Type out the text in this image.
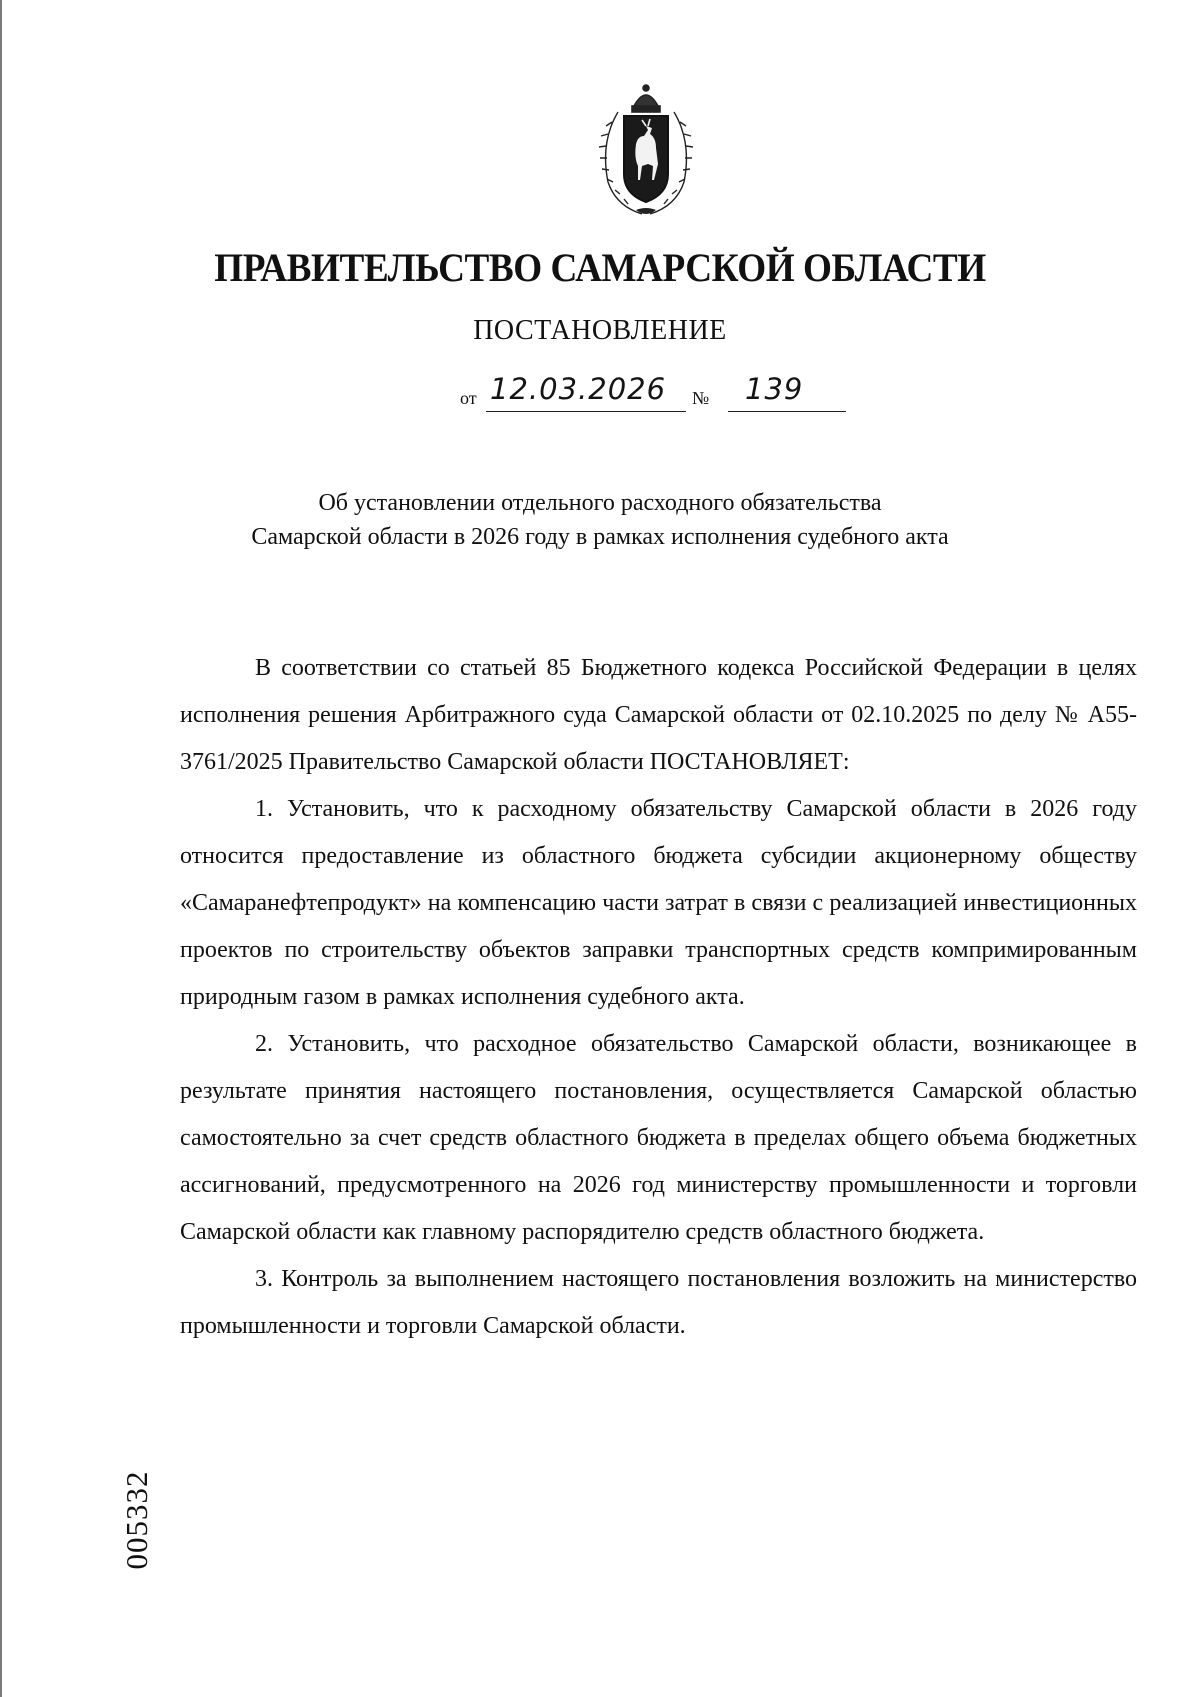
ПРАВИТЕЛЬСТВО САМАРСКОЙ ОБЛАСТИ
ПОСТАНОВЛЕНИЕ
от 12.03.2026 № 139
Об установлении отдельного расходного обязательства
Самарской области в 2026 году в рамках исполнения судебного акта

В соответствии со статьей 85 Бюджетного кодекса Российской Федерации в целях исполнения решения Арбитражного суда Самарской области от 02.10.2025 по делу № А55-3761/2025 Правительство Самарской области ПОСТАНОВЛЯЕТ:

1. Установить, что к расходному обязательству Самарской области в 2026 году относится предоставление из областного бюджета субсидии акционерному обществу «Самаранефтепродукт» на компенсацию части затрат в связи с реализацией инвестиционных проектов по строительству объектов заправки транспортных средств компримированным природным газом в рамках исполнения судебного акта.

2. Установить, что расходное обязательство Самарской области, возникающее в результате принятия настоящего постановления, осуществляется Самарской областью самостоятельно за счет средств областного бюджета в пределах общего объема бюджетных ассигнований, предусмотренного на 2026 год министерству промышленности и торговли Самарской области как главному распорядителю средств областного бюджета.

3. Контроль за выполнением настоящего постановления возложить на министерство промышленности и торговли Самарской области.

005332
